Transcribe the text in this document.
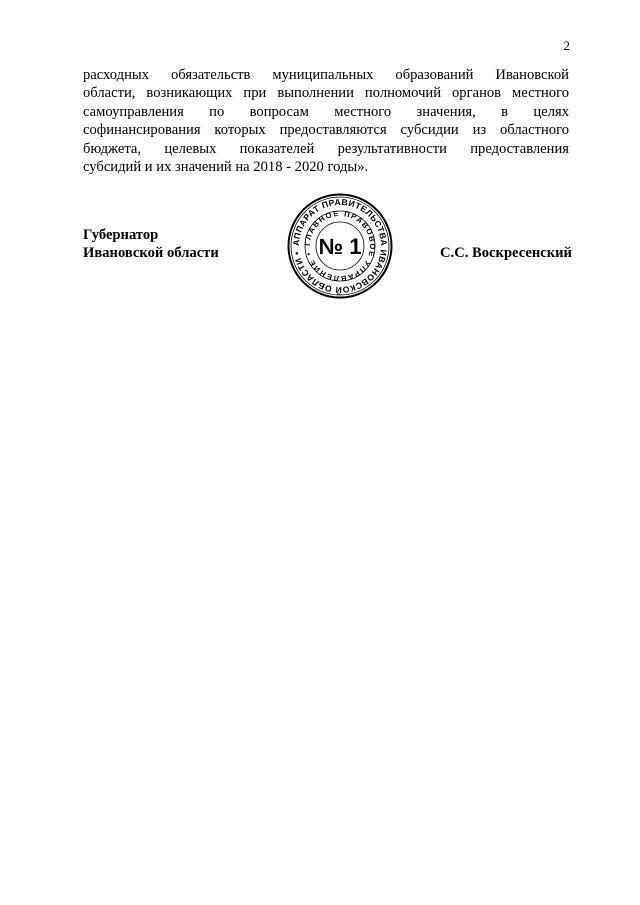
2
расходных обязательств муниципальных образований Ивановской
области, возникающих при выполнении полномочий органов местного
самоуправления по вопросам местного значения, в целях
софинансирования которых предоставляются субсидии из областного
бюджета, целевых показателей результативности предоставления
субсидий и их значений на 2018 - 2020 годы».
Губернатор
Ивановской области	С.С. Воскресенский
АППАРАТ ПРАВИТЕЛЬСТВА ИВАНОВСКОЙ ОБЛАСТИ •
ГЛАВНОЕ ПРАВОВОЕ УПРАВЛЕНИЕ • № 1
